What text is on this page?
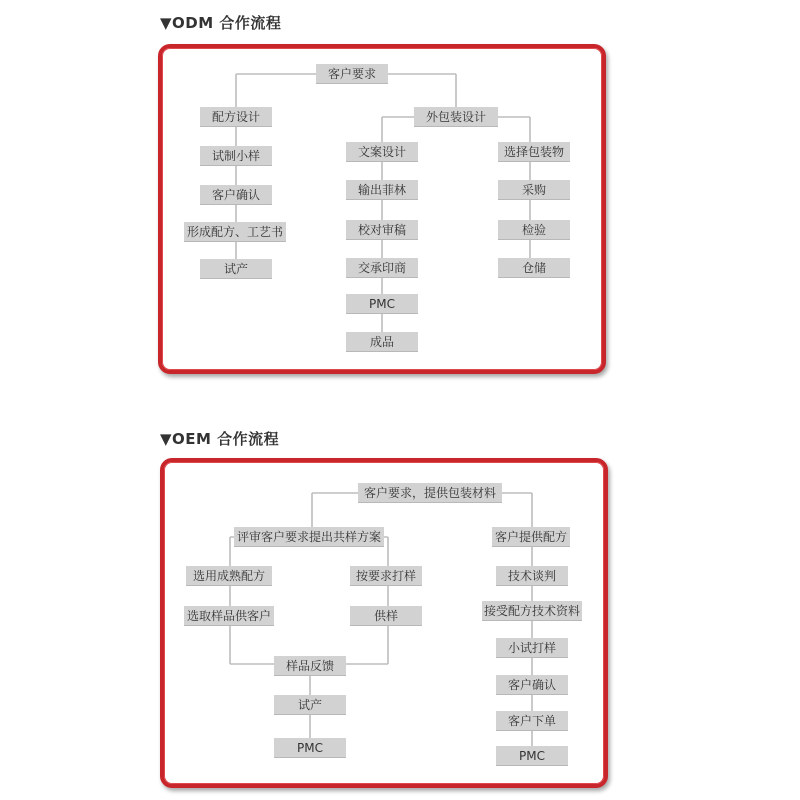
▼ODM 合作流程
▼OEM 合作流程
客户要求
配方设计
试制小样
客户确认
形成配方、工艺书
试产
外包装设计
文案设计
输出菲林
校对审稿
交承印商
PMC
成品
选择包装物
采购
检验
仓储
客户要求，提供包装材料
评审客户要求提出共样方案
选用成熟配方
选取样品供客户
按要求打样
供样
样品反馈
试产
PMC
客户提供配方
技术谈判
接受配方技术资料
小试打样
客户确认
客户下单
PMC
